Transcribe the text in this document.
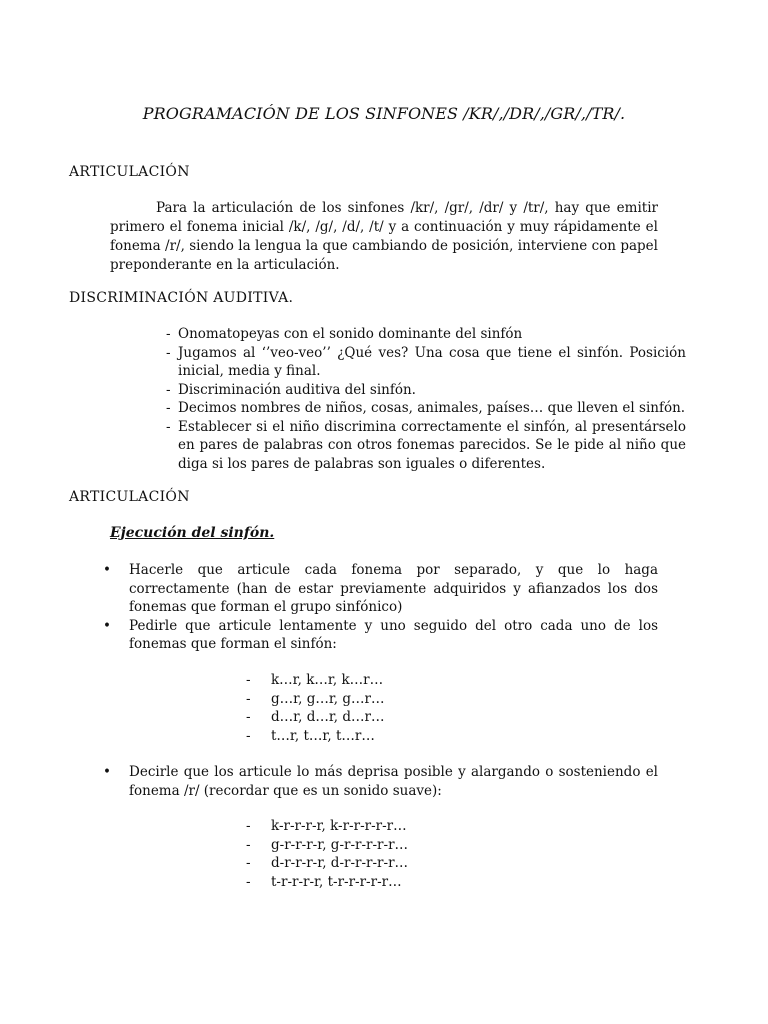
PROGRAMACIÓN DE LOS SINFONES /KR/,/DR/,/GR/,/TR/.
ARTICULACIÓN
Para la articulación de los sinfones /kr/, /gr/, /dr/ y /tr/, hay que emitir primero el fonema inicial /k/, /g/, /d/, /t/ y a continuación y muy rápidamente el fonema /r/, siendo la lengua la que cambiando de posición, interviene con papel preponderante en la articulación.
DISCRIMINACIÓN AUDITIVA.
- Onomatopeyas con el sonido dominante del sinfón
- Jugamos al ‘’veo-veo’’ ¿Qué ves? Una cosa que tiene el sinfón. Posición inicial, media y final.
- Discriminación auditiva del sinfón.
- Decimos nombres de niños, cosas, animales, países… que lleven el sinfón.
- Establecer si el niño discrimina correctamente el sinfón, al presentárselo en pares de palabras con otros fonemas parecidos. Se le pide al niño que diga si los pares de palabras son iguales o diferentes.
ARTICULACIÓN
Ejecución del sinfón.
• Hacerle que articule cada fonema por separado, y que lo haga correctamente (han de estar previamente adquiridos y afianzados los dos fonemas que forman el grupo sinfónico)
• Pedirle que articule lentamente y uno seguido del otro cada uno de los fonemas que forman el sinfón:
- k…r, k…r, k…r…
- g…r, g…r, g…r…
- d…r, d…r, d…r…
- t…r, t…r, t…r…
• Decirle que los articule lo más deprisa posible y alargando o sosteniendo el fonema /r/ (recordar que es un sonido suave):
- k-r-r-r-r, k-r-r-r-r-r…
- g-r-r-r-r, g-r-r-r-r-r…
- d-r-r-r-r, d-r-r-r-r-r…
- t-r-r-r-r, t-r-r-r-r-r…
